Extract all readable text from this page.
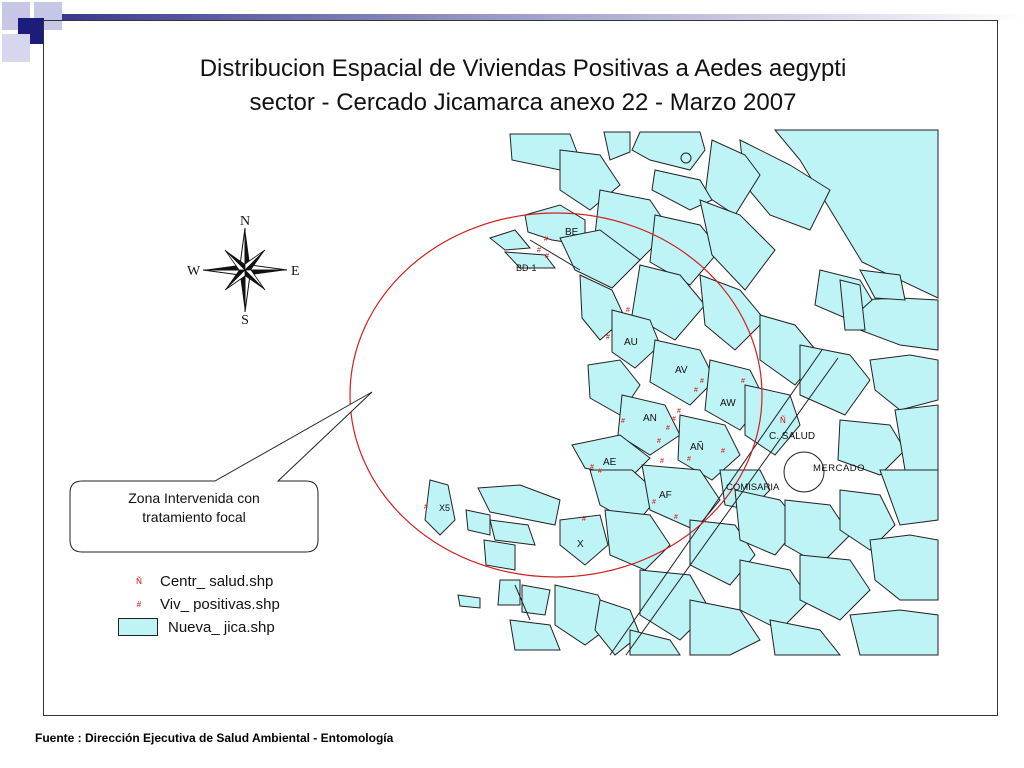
Distribucion Espacial de Viviendas Positivas a Aedes aegypti
sector - Cercado Jicamarca anexo 22 - Marzo 2007
N
S
E
W
BE
BD-1
AU
AV
AW
AN
AÑ
AE
AF
X
X5
C. SALUD
MERCADO
COMISARIA
Ñ
#
#
#
#
#
#
#
#
#
#
#
#
#
#
#
#
#
#
#
#
#
#
Zona Intervenida con
tratamiento focal
Ñ	Centr_ salud.shp
#	Viv_ positivas.shp
Nueva_ jica.shp
Fuente : Dirección Ejecutiva de Salud Ambiental - Entomología
